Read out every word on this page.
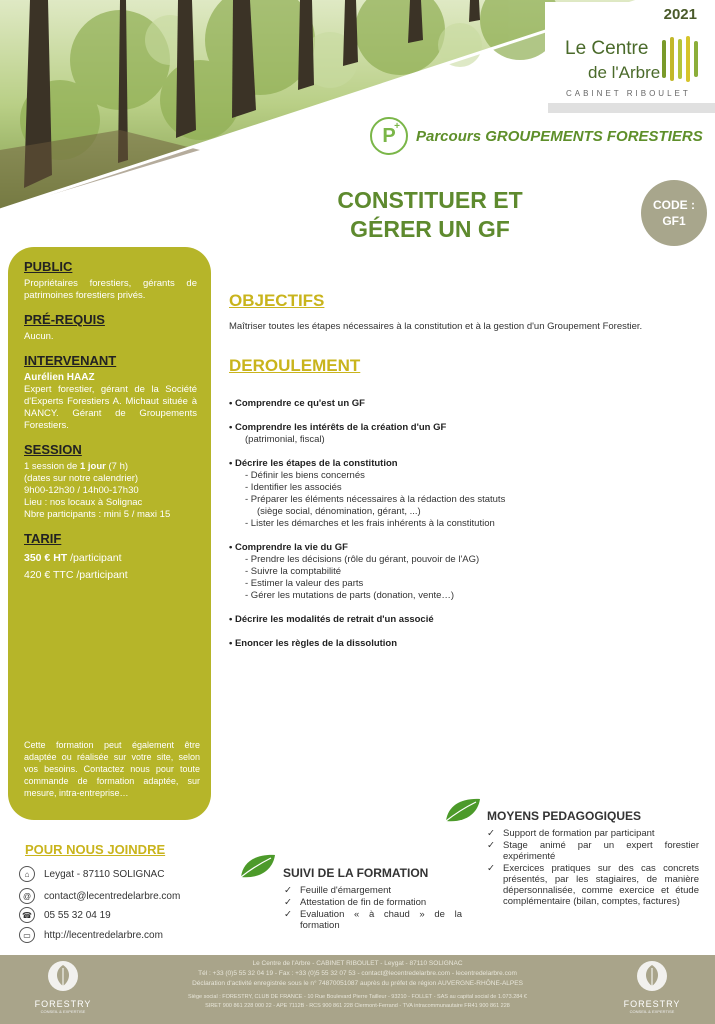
2021
Le Centre
de l'Arbre
CABINET RIBOULET
P
+
Parcours GROUPEMENTS FORESTIERS
CONSTITUER ET
GÉRER UN GF
CODE :
GF1
PUBLIC
Propriétaires forestiers, gérants de patrimoines forestiers privés.
PRÉ-REQUIS
Aucun.
INTERVENANT
Aurélien HAAZ
Expert forestier, gérant de la Société d'Experts Forestiers A. Michaut située à NANCY. Gérant de Groupements Forestiers.
SESSION
1 session de 1 jour (7 h)
(dates sur notre calendrier)
9h00-12h30 / 14h00-17h30
Lieu : nos locaux à Solignac
Nbre participants : mini 5 / maxi 15
TARIF
350 € HT /participant
420 € TTC /participant
Cette formation peut également être adaptée ou réalisée sur votre site, selon vos besoins. Contactez nous pour toute commande de formation adaptée, sur mesure, intra-entreprise…
OBJECTIFS
Maîtriser toutes les étapes nécessaires à la constitution et à la gestion d'un Groupement Forestier.
DEROULEMENT
• Comprendre ce qu'est un GF
• Comprendre les intérêts de la création d'un GF
(patrimonial, fiscal)
• Décrire les étapes de la constitution
- Définir les biens concernés
- Identifier les associés
- Préparer les éléments nécessaires à la rédaction des statuts
(siège social, dénomination, gérant, ...)
- Lister les démarches et les frais inhérents à la constitution
• Comprendre la vie du GF
- Prendre les décisions (rôle du gérant, pouvoir de l'AG)
- Suivre la comptabilité
- Estimer la valeur des parts
- Gérer les mutations de parts (donation, vente…)
• Décrire les modalités de retrait d'un associé
• Enoncer les règles de la dissolution
MOYENS PEDAGOGIQUES
✓ Support de formation par participant
✓ Stage animé par un expert forestier expérimenté
✓ Exercices pratiques sur des cas concrets présentés, par les stagiaires, de manière dépersonnalisée, comme exercice et étude complémentaire (bilan, comptes, factures)
SUIVI DE LA FORMATION
✓ Feuille d'émargement
✓ Attestation de fin de formation
✓ Evaluation « à chaud » de la formation
POUR NOUS JOINDRE
⌂	Leygat - 87110 SOLIGNAC
@	contact@lecentredelarbre.com
☎	05 55 32 04 19
▭	http://lecentredelarbre.com
Le Centre de l'Arbre - CABINET RIBOULET - Leygat - 87110 SOLIGNAC
Tél : +33 (0)5 55 32 04 19 - Fax : +33 (0)5 55 32 07 53 - contact@lecentredelarbre.com - lecentredelarbre.com
Déclaration d'activité enregistrée sous le n° 74870051087 auprès du préfet de région AUVERGNE-RHÔNE-ALPES
Siège social : FORESTRY, CLUB DE FRANCE - 10 Rue Boulevard Pierre Tailleur - 93210 - FOLLET - SAS au capital social de 1.073.284 €
SIRET 900 861 228 000 22 - APE 7112B - RCS 900 861 228 Clermont-Ferrand - TVA intracommunautaire FR41 900 861 228
FORESTRY
CONSEIL & EXPERTISE
FORESTRY
CONSEIL & EXPERTISE
